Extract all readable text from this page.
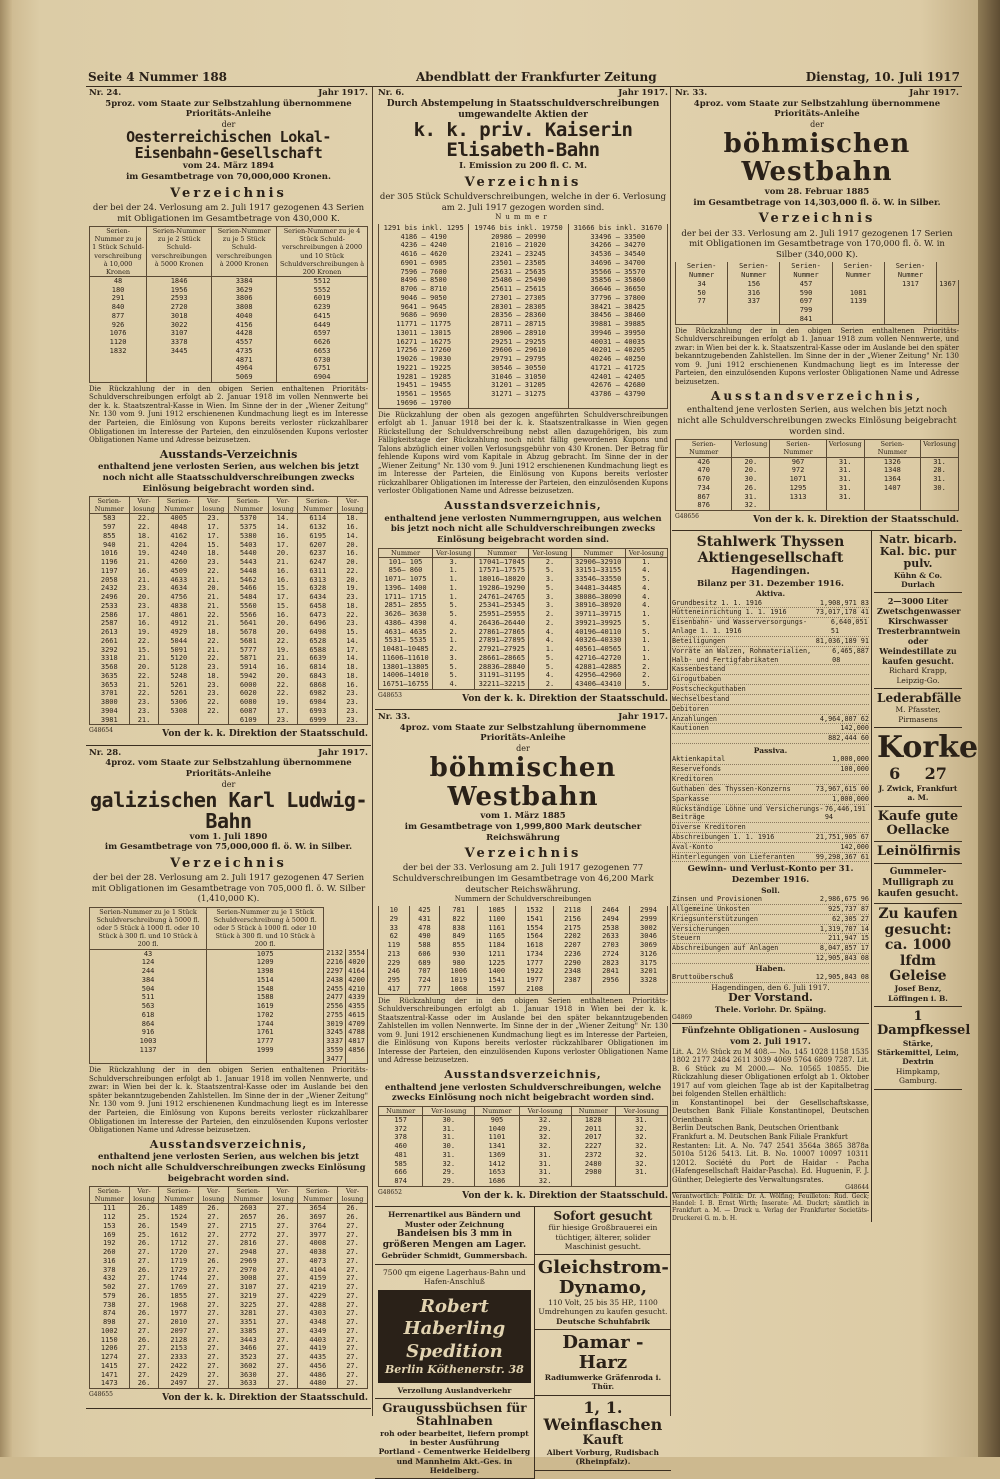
Seite 4 Nummer 188	Abendblatt der Frankfurter Zeitung	Dienstag, 10. Juli 1917
Nr. 24.	Jahr 1917.
5proz. vom Staate zur Selbstzahlung übernommene Prioritäts-Anleihe
der
Oesterreichischen Lokal-Eisenbahn-Gesellschaft
vom 24. März 1894
im Gesamtbetrage von 70,000,000 Kronen.
Verzeichnis
der bei der 24. Verlosung am 2. Juli 1917 gezogenen 43 Serien mit Obligationen im Gesamtbetrage von 430,000 K.
Serien-Nummer zu je 1 Stück Schuld-verschreibung à 10,000 Kronen	Serien-Nummer zu je 2 Stück Schuld-verschreibungen à 5000 Kronen	Serien-Nummer zu je 5 Stück Schuld-verschreibungen à 2000 Kronen	Serien-Nummer zu je 4 Stück Schuld-verschreibungen à 2000 und 10 Stück Schuldverschreibungen à 200 Kronen
48	1846	3384	5512
180	1956	3629	5552
291	2593	3806	6019
840	2720	3808	6239
877	3018	4040	6415
926	3022	4156	6449
1076	3107	4428	6597
1120	3378	4557	6626
1832	3445	4735	6653
		4871	6730
		4964	6751
		5069	6904
Die Rückzahlung der in den obigen Serien enthaltenen Prioritäts-Schuldverschreibungen erfolgt ab 2. Januar 1918 im vollen Nennwerte bei der k. k. Staatszentral-Kasse in Wien. Im Sinne der in der „Wiener Zeitung" Nr. 130 vom 9. Juni 1912 erschienenen Kundmachung liegt es im Interesse der Parteien, die Einlösung von Kupons bereits verloster rückzahlbarer Obligationen im Interesse der Parteien, den einzulösenden Kupons verloster Obligationen Name und Adresse beizusetzen.
Ausstands-Verzeichnis
enthaltend jene verlosten Serien, aus welchen bis jetzt noch nicht alle Staatsschuldverschreibungen zwecks Einlösung beigebracht worden sind.
Serien-Nummer	Ver-losung	Serien-Nummer	Ver-losung	Serien-Nummer	Ver-losung	Serien-Nummer	Ver-losung
583	22.	4005	23.	5370	14.	6114	18.
597	22.	4048	17.	5375	14.	6132	16.
855	18.	4162	17.	5380	16.	6195	14.
940	21.	4204	15.	5403	17.	6207	20.
1016	19.	4240	18.	5440	20.	6237	16.
1196	21.	4260	23.	5443	21.	6247	20.
1197	16.	4509	22.	5448	16.	6311	22.
2058	21.	4633	21.	5462	16.	6313	20.
2432	23.	4634	20.	5466	15.	6328	19.
2496	20.	4756	21.	5484	17.	6434	23.
2533	23.	4838	21.	5560	15.	6458	18.
2586	17.	4861	22.	5566	16.	6473	22.
2587	16.	4912	21.	5641	20.	6496	23.
2613	19.	4929	18.	5678	20.	6498	15.
2661	22.	5044	22.	5681	22.	6528	14.
3292	15.	5091	21.	5777	19.	6588	17.
3318	21.	5120	22.	5871	21.	6639	14.
3568	20.	5128	23.	5914	16.	6814	18.
3635	22.	5248	18.	5942	20.	6843	18.
3653	21.	5261	23.	6000	22.	6868	16.
3701	22.	5261	23.	6020	22.	6982	23.
3800	23.	5306	22.	6080	19.	6984	23.
3904	23.	5308	22.	6087	17.	6993	23.
3981	21.			6109	23.	6999	23.
G48654	Von der k. k. Direktion der Staatsschuld.
Nr. 28.	Jahr 1917.
4proz. vom Staate zur Selbstzahlung übernommene Prioritäts-Anleihe
der
galizischen Karl Ludwig-Bahn
vom 1. Juli 1890
im Gesamtbetrage von 75,000,000 fl. ö. W. in Silber.
Verzeichnis
der bei der 28. Verlosung am 2. Juli 1917 gezogenen 47 Serien mit Obligationen im Gesamtbetrage von 705,000 fl. ö. W. Silber (1,410,000 K).
Serien-Nummer zu je 1 Stück Schuldverschreibung à 5000 fl. oder 5 Stück à 1000 fl. oder 10 Stück à 300 fl. und 10 Stück à 200 fl.	Serien-Nummer zu je 1 Stück Schuldverschreibung à 5000 fl. oder 5 Stück à 1000 fl. oder 10 Stück à 300 fl. und 10 Stück à 200 fl.		
43	1075	2132	3554
124	1209	2216	4020
244	1398	2297	4164
384	1514	2438	4200
504	1548	2455	4210
511	1588	2477	4339
563	1619	2556	4355
618	1702	2755	4615
864	1744	3019	4709
916	1761	3245	4788
1003	1777	3337	4817
1137	1999	3559	4856
		3477	
Die Rückzahlung der in den obigen Serien enthaltenen Prioritäts-Schuldverschreibungen erfolgt ab 1. Januar 1918 im vollen Nennwerte, und zwar: in Wien bei der k. k. Staatszentral-Kasse oder im Auslande bei den später bekanntzugebenden Zahlstellen. Im Sinne der in der „Wiener Zeitung" Nr. 130 vom 9. Juni 1912 erschienenen Kundmachung liegt es im Interesse der Parteien, die Einlösung von Kupons bereits verloster rückzahlbarer Obligationen im Interesse der Parteien, den einzulösenden Kupons verloster Obligationen Name und Adresse beizusetzen.
Ausstandsverzeichnis,
enthaltend jene verlosten Serien, aus welchen bis jetzt noch nicht alle Schuldverschreibungen zwecks Einlösung beigebracht worden sind.
Serien-Nummer	Ver-losung	Serien-Nummer	Ver-losung	Serien-Nummer	Ver-losung	Serien-Nummer	Ver-losung
111	26.	1489	26.	2603	27.	3654	26.
112	25.	1524	27.	2657	26.	3697	26.
153	26.	1549	27.	2715	27.	3764	27.
169	25.	1612	27.	2772	27.	3977	27.
192	26.	1712	27.	2816	27.	4008	27.
260	27.	1720	27.	2948	27.	4038	27.
316	27.	1719	26.	2969	27.	4073	27.
378	26.	1729	27.	2970	27.	4104	27.
432	27.	1744	27.	3008	27.	4159	27.
502	27.	1769	27.	3107	27.	4219	27.
579	26.	1855	27.	3219	27.	4229	27.
738	27.	1968	27.	3225	27.	4288	27.
874	26.	1977	27.	3281	27.	4303	27.
898	27.	2010	27.	3351	27.	4348	27.
1002	27.	2097	27.	3385	27.	4349	27.
1150	26.	2128	27.	3443	27.	4403	27.
1206	27.	2153	27.	3466	27.	4419	27.
1274	27.	2333	27.	3523	27.	4435	27.
1415	27.	2422	27.	3602	27.	4456	27.
1471	27.	2429	27.	3630	27.	4486	27.
1473	26.	2497	27.	3633	27.	4480	27.
G48655	Von der k. k. Direktion der Staatsschuld.
Nr. 6.	Jahr 1917.
Durch Abstempelung in Staatsschuldverschreibungen umgewandelte Aktien der
k. k. priv. Kaiserin Elisabeth-Bahn
I. Emission zu 200 fl. C. M.
Verzeichnis
der 305 Stück Schuldverschreibungen, welche in der 6. Verlosung am 2. Juli 1917 gezogen worden sind.
Nummer
1291 bis inkl. 1295	19746 bis inkl. 19750	31666 bis inkl. 31670
4186 — 4190	20986 — 20990	33496 — 33500
4236 — 4240	21016 — 21020	34266 — 34270
4616 — 4620	23241 — 23245	34536 — 34540
6901 — 6905	23501 — 23505	34696 — 34700
7596 — 7600	25631 — 25635	35566 — 35570
8496 — 8500	25486 — 25490	35856 — 35860
8706 — 8710	25611 — 25615	36646 — 36650
9046 — 9050	27301 — 27305	37796 — 37800
9641 — 9645	28301 — 28305	38421 — 38425
9686 — 9690	28356 — 28360	38456 — 38460
11771 — 11775	28711 — 28715	39881 — 39885
13011 — 13015	28906 — 28910	39946 — 39950
16271 — 16275	29251 — 29255	40031 — 40035
17256 — 17260	29606 — 29610	40201 — 40205
19026 — 19030	29791 — 29795	40246 — 40250
19221 — 19225	30546 — 30550	41721 — 41725
19281 — 19285	31046 — 31050	42401 — 42405
19451 — 19455	31201 — 31205	42676 — 42680
19561 — 19565	31271 — 31275	43786 — 43790
19696 — 19700		
Die Rückzahlung der oben als gezogen angeführten Schuldverschreibungen erfolgt ab 1. Januar 1918 bei der k. k. Staatszentralkasse in Wien gegen Rückstellung der Schuldverschreibung nebst allen dazugehörigen, bis zum Fälligkeitstage der Rückzahlung noch nicht fällig gewordenen Kupons und Talons abzüglich einer vollen Verlosungsgebühr von 430 Kronen. Der Betrag für fehlende Kupons wird vom Kapitale in Abzug gebracht. Im Sinne der in der „Wiener Zeitung" Nr. 130 vom 9. Juni 1912 erschienenen Kundmachung liegt es im Interesse der Parteien, die Einlösung von Kupons bereits verloster rückzahlbarer Obligationen im Interesse der Parteien, den einzulösenden Kupons verloster Obligationen Name und Adresse beizusetzen.
Ausstandsverzeichnis,
enthaltend jene verlosten Nummerngruppen, aus welchen bis jetzt noch nicht alle Schuldverschreibungen zwecks Einlösung beigebracht worden sind.
Nummer	Ver-losung	Nummer	Ver-losung	Nummer	Ver-losung
101— 105	3.	17041—17045	2.	32906—32910	1.
856— 860	1.	17571—17575	5.	33151—33155	4.
1071— 1075	1.	18016—18020	3.	33546—33550	5.
1396— 1400	1.	19286—19290	5.	34481—34485	4.
1711— 1715	1.	24761—24765	3.	38086—38090	4.
2851— 2855	5.	25341—25345	3.	38916—38920	4.
3626— 3630	5.	25951—25955	2.	39711—39715	1.
4386— 4390	4.	26436—26440	2.	39921—39925	5.
4631— 4635	2.	27861—27865	4.	40196—40110	5.
5531— 5535	1.	27891—27895	4.	40326—40330	1.
10481—10485	2.	27921—27925	1.	40561—40565	1.
11606—11610	3.	28661—28665	5.	42716—42720	1.
13801—13805	5.	28836—28840	5.	42881—42885	2.
14006—14010	5.	31191—31195	4.	42956—42960	2.
16751—16755	4.	32211—32215	2.	43406—43410	5.
G48653	Von der k. k. Direktion der Staatsschuld.
Nr. 33.	Jahr 1917.
4proz. vom Staate zur Selbstzahlung übernommene Prioritäts-Anleihe
der
böhmischen Westbahn
vom 1. März 1885
im Gesamtbetrage von 1,999,800 Mark deutscher Reichswährung
Verzeichnis
der bei der 33. Verlosung am 2. Juli 1917 gezogenen 77 Schuldverschreibungen im Gesamtbetrage von 46,200 Mark deutscher Reichswährung.
Nummern der Schuldverschreibungen
10	425	781	1085	1532	2118	2464	2994
29	431	822	1100	1541	2156	2494	2999
33	478	838	1161	1554	2175	2538	3002
62	490	849	1165	1564	2202	2633	3046
119	588	855	1184	1618	2207	2703	3069
213	606	930	1211	1734	2236	2724	3126
229	689	980	1225	1777	2290	2823	3175
246	707	1006	1400	1922	2348	2841	3201
295	724	1019	1541	1977	2387	2956	3328
417	777	1068	1597	2108			
Die Rückzahlung der in den obigen Serien enthaltenen Prioritäts-Schuldverschreibungen erfolgt ab 1. Januar 1918 in Wien bei der k. k. Staatszentral-Kasse oder im Auslande bei den später bekanntzugebenden Zahlstellen im vollen Nennwerte. Im Sinne der in der „Wiener Zeitung" Nr. 130 vom 9. Juni 1912 erschienenen Kundmachung liegt es im Interesse der Parteien, die Einlösung von Kupons bereits verloster rückzahlbarer Obligationen im Interesse der Parteien, den einzulösenden Kupons verloster Obligationen Name und Adresse beizusetzen.
Ausstandsverzeichnis,
enthaltend jene verlosten Schuldverschreibungen, welche zwecks Einlösung noch nicht beigebracht worden sind.
Nummer	Ver-losung	Nummer	Ver-losung	Nummer	Ver-losung
157	30.	905	32.	1828	31.
372	31.	1040	29.	2011	32.
378	31.	1101	32.	2017	32.
460	30.	1341	32.	2227	32.
481	31.	1369	31.	2372	32.
585	32.	1412	31.	2480	32.
666	29.	1653	31.	2980	31.
874	29.	1686	32.		
G48652	Von der k. k. Direktion der Staatsschuld.
Herrenartikel aus Bändern und Muster oder Zeichnung
Bandeisen bis 3 mm in größeren Mengen am Lager.
Gebrüder Schmidt, Gummersbach.
7500 qm eigene Lagerhaus-Bahn und Hafen-Anschluß
Robert Haberling Spedition
Berlin Köthenerstr. 38
Verzollung Auslandverkehr
Graugussbüchsen für Stahlnaben
roh oder bearbeitet, liefern prompt in bester Ausführung
Portland - Cementwerke Heidelberg und Mannheim Akt.-Ges. in Heidelberg.
Sofort gesucht
für hiesige Großbrauerei ein tüchtiger, älterer, solider Maschinist gesucht.
Gleichstrom-Dynamo,
110 Volt, 25 bis 35 HP., 1100 Umdrehungen zu kaufen gesucht.
Deutsche Schuhfabrik
Damar - Harz
Radiumwerke Gräfenroda i. Thür.
1, 1. Weinflaschen
Kauft
Albert Vorburg, Rudisbach (Rheinpfalz).
Nr. 33.	Jahr 1917.
4proz. vom Staate zur Selbstzahlung übernommene Prioritäts-Anleihe
der
böhmischen Westbahn
vom 28. Februar 1885
im Gesamtbetrage von 14,303,000 fl. ö. W. in Silber.
Verzeichnis
der bei der 33. Verlosung am 2. Juli 1917 gezogenen 17 Serien mit Obligationen im Gesamtbetrage von 170,000 fl. ö. W. in Silber (340,000 K).
Serien-Nummer	Serien-Nummer	Serien-Nummer	Serien-Nummer	Serien-Nummer	
34	156	457		1317	1367
50	316	590	1081		
77	337	697	1139		
		799			
		841			
Die Rückzahlung der in den obigen Serien enthaltenen Prioritäts-Schuldverschreibungen erfolgt ab 1. Januar 1918 zum vollen Nennwerte, und zwar: in Wien bei der k. k. Staatszentral-Kasse oder im Auslande bei den später bekanntzugebenden Zahlstellen. Im Sinne der in der „Wiener Zeitung" Nr. 130 vom 9. Juni 1912 erschienenen Kundmachung liegt es im Interesse der Parteien, den einzulösenden Kupons verloster Obligationen Name und Adresse beizusetzen.
Ausstandsverzeichnis,
enthaltend jene verlosten Serien, aus welchen bis jetzt noch nicht alle Schuldverschreibungen zwecks Einlösung beigebracht worden sind.
Serien-Nummer	Verlosung	Serien-Nummer	Verlosung	Serien-Nummer	Verlosung
426	20.	967	31.	1326	31.
470	20.	972	31.	1348	28.
670	30.	1071	31.	1364	31.
734	26.	1295	31.	1407	30.
867	31.	1313	31.		
876	32.				
G48656	Von der k. k. Direktion der Staatsschuld.
Stahlwerk Thyssen Aktiengesellschaft
Hagendingen.
Bilanz per 31. Dezember 1916.
Aktiva.
Grundbesitz 1. 1. 1916	1,908,971 83
Hütteneinrichtung 1. 1. 1916	73,017,178 41
Eisenbahn- und Wasserversorgungs-Anlage 1. 1. 1916
6,640,051 51
Beteiligungen	81,036,189 91
Vorräte an Walzen, Rohmaterialien, Halb- und Fertigfabrikaten
6,465,887 08
Kassenbestand
Girogutbaben
Postscheckguthaben
Wechselbestand
Debitoren
Anzahlungen	4,964,807 62
Kautionen	142,000
882,444 60
Passiva.
Aktienkapital	1,000,000
Reservefonds	100,000
Kreditoren
Guthaben des Thyssen-Konzerns	73,967,615 00
Sparkasse	1,000,000
Rückständige Löhne und Versicherungs-Beiträge
76,446,191 94
Diverse Kreditoren
Abschreibungen 1. 1. 1916	21,751,905 67
Aval-Konto	142,000
Hinterlegungen von Lieferanten	99,298,367 61
Gewinn- und Verlust-Konto per 31. Dezember 1916.
Soll.
Zinsen und Provisionen	2,986,675 96
Allgemeine Unkosten	925,737 87
Kriegsunterstützungen	62,305 27
Versicherungen	1,319,707 14
Steuern	211,947 15
Abschreibungen auf Anlagen	8,047,857 17
12,905,843 08
Haben.
Bruttoüberschuß	12,905,843 08
Hagendingen, den 6. Juli 1917.
Der Vorstand.
Thele. Vorlohr. Dr. Späing.
G4869
Fünfzehnte Obligationen - Auslosung vom 2. Juli 1917.
Lit. A. 2½ Stück zu M 408.— No. 145 1028 1158 1535 1802 2177 2484 2611 3039 4069 5764 6809 7287. Lit. B. 6 Stück zu M 2000.— No. 10565 10855. Die Rückzahlung dieser Obligationen erfolgt ab 1. Oktober 1917 auf vom gleichen Tage ab ist der Kapitalbetrag bei folgenden Stellen erhältlich:
in Konstantinopel bei der Gesellschaftskasse, Deutschen Bank Filiale Konstantinopel, Deutschen Orientbank
Berlin Deutschen Bank, Deutschen Orientbank
Frankfurt a. M. Deutschen Bank Filiale Frankfurt
Restanten: Lit. A. No. 747 2541 3564a 3865 3878a 5010a 5126 5413. Lit. B. No. 10007 10097 10311 12012. Société du Port de Haidar - Pacha (Hafengesellschaft Haidar-Pascha). Ed. Huguenin, F. J. Günther, Delegierte des Verwaltungsrates.
G48644
Verantwortlich: Politik: Dr. A. Wölfing; Feuilleton: Rud. Geck; Handel: I. B. Ernst Wirth; Inserate: Ad. Duckrt; sämtlich in Frankfurt a. M. — Druck u. Verlag der Frankfurter Societäts-Druckerei G. m. b. H.
Natr. bicarb. Kal. bic. pur pulv.
Kühn & Co. Durlach
2—3000 Liter Zwetschgenwasser Kirschwasser Tresterbranntwein oder Weindestillate zu kaufen gesucht.
Richard Krapp, Leipzig-Go.
Lederabfälle
M. Pfasster, Pirmasens
Korke
6 27
J. Zwick, Frankfurt a. M.
Kaufe gute Oellacke
Leinölfirnis
Gummeler-Mulligraph zu kaufen gesucht.
Zu kaufen gesucht: ca. 1000 lfdm Geleise
Josef Benz, Löffingen i. B.
1 Dampfkessel
Stärke, Stärkemittel, Leim, Dextrin
Himpkamp, Gamburg.
